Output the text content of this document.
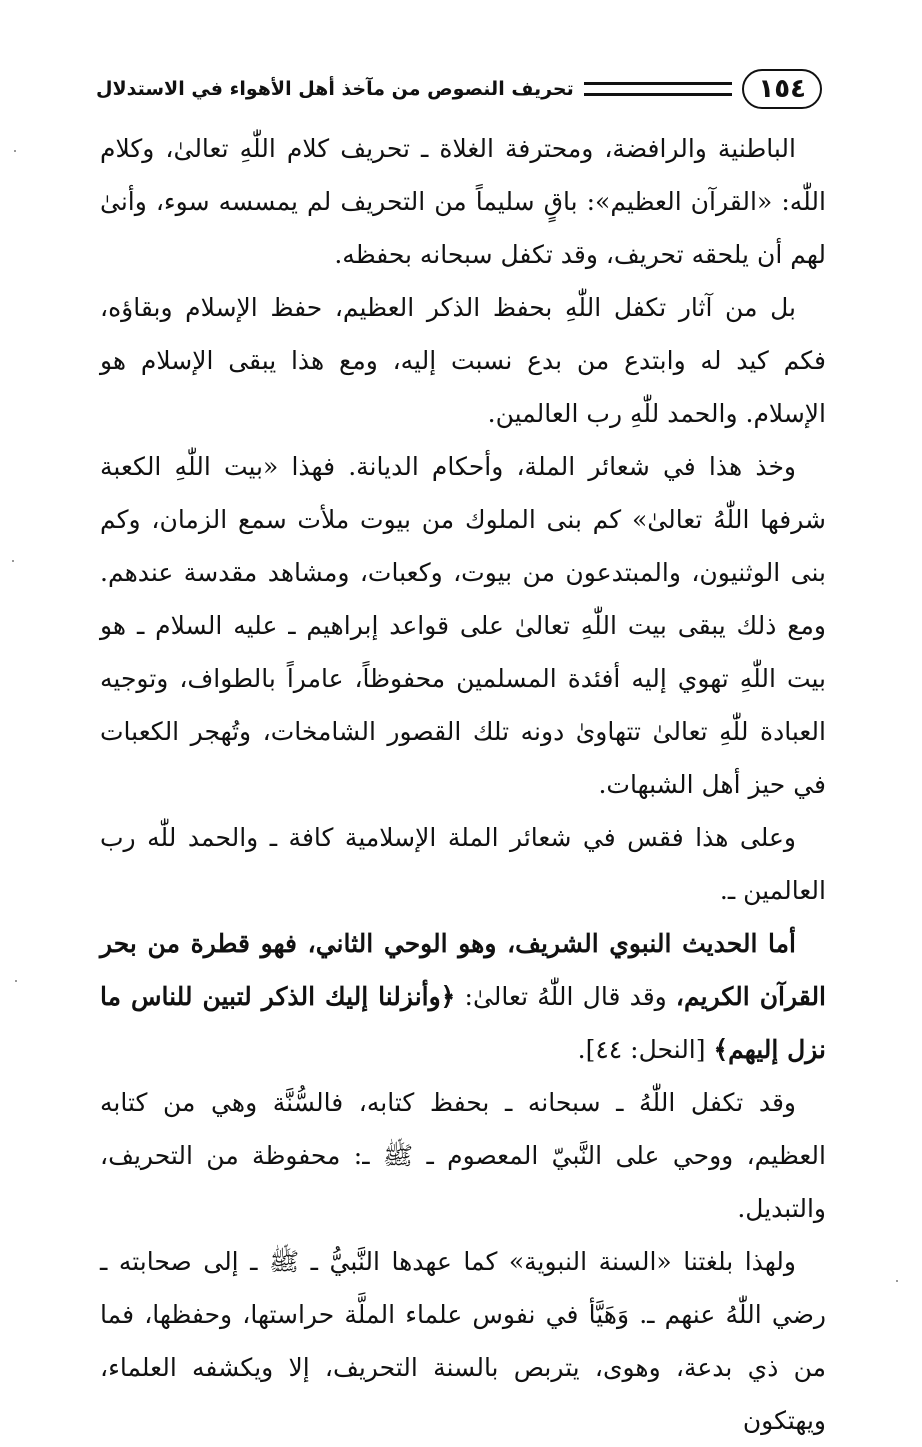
١٥٤
تحريف النصوص من مآخذ أهل الأهواء في الاستدلال

الباطنية والرافضة، ومحترفة الغلاة ـ تحريف كلام اللّٰهِ تعالىٰ، وكلام اللّٰه: «القرآن العظيم»: باقٍ سليماً من التحريف لم يمسسه سوء، وأنىٰ لهم أن يلحقه تحريف، وقد تكفل سبحانه بحفظه.

بل من آثار تكفل اللّٰهِ بحفظ الذكر العظيم، حفظ الإسلام وبقاؤه، فكم كيد له وابتدع من بدع نسبت إليه، ومع هذا يبقى الإسلام هو الإسلام. والحمد للّٰهِ رب العالمين.

وخذ هذا في شعائر الملة، وأحكام الديانة. فهذا «بيت اللّٰهِ الكعبة شرفها اللّٰهُ تعالىٰ» كم بنى الملوك من بيوت ملأت سمع الزمان، وكم بنى الوثنيون، والمبتدعون من بيوت، وكعبات، ومشاهد مقدسة عندهم. ومع ذلك يبقى بيت اللّٰهِ تعالىٰ على قواعد إبراهيم ـ عليه السلام ـ هو بيت اللّٰهِ تهوي إليه أفئدة المسلمين محفوظاً، عامراً بالطواف، وتوجيه العبادة للّٰهِ تعالىٰ تتهاوىٰ دونه تلك القصور الشامخات، وتُهجر الكعبات في حيز أهل الشبهات.

وعلى هذا فقس في شعائر الملة الإسلامية كافة ـ والحمد للّٰه رب العالمين ـ.

أما الحديث النبوي الشريف، وهو الوحي الثاني، فهو قطرة من بحر القرآن الكريم، وقد قال اللّٰهُ تعالىٰ: ﴿وأنزلنا إليك الذكر لتبين للناس ما نزل إليهم﴾ [النحل: ٤٤].

وقد تكفل اللّٰهُ ـ سبحانه ـ بحفظ كتابه، فالسُّنَّة وهي من كتابه العظيم، ووحي على النَّبيّ المعصوم ـ ﷺ ـ: محفوظة من التحريف، والتبديل.

ولهذا بلغتنا «السنة النبوية» كما عهدها النَّبيُّ ـ ﷺ ـ إلى صحابته ـ رضي اللّٰهُ عنهم ـ. وَهَيَّأ في نفوس علماء الملَّة حراستها، وحفظها، فما من ذي بدعة، وهوى، يتربص بالسنة التحريف، إلا ويكشفه العلماء، ويهتكون
